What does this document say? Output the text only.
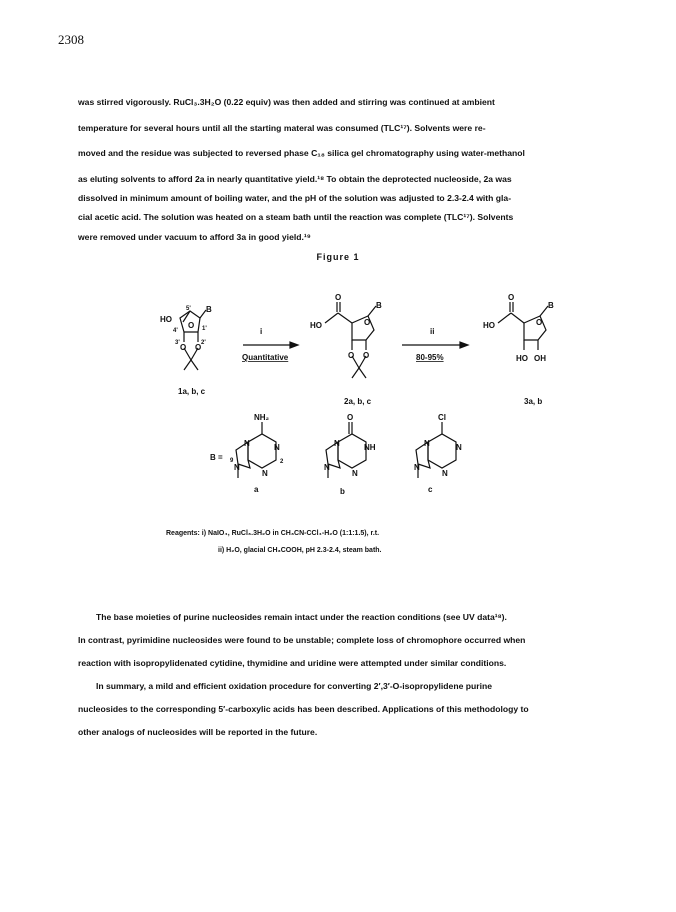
2308
was stirred vigorously. RuCl₃.3H₂O (0.22 equiv) was then added and stirring was continued at ambient
temperature for several hours until all the starting materal was consumed (TLC¹⁷). Solvents were re-
moved and the residue was subjected to reversed phase C₁₈ silica gel chromatography using water-methanol
as eluting solvents to afford 2a in nearly quantitative yield.¹⁸ To obtain the deprotected nucleoside, 2a was
dissolved in minimum amount of boiling water, and the pH of the solution was adjusted to 2.3-2.4 with gla-
cial acetic acid. The solution was heated on a steam bath until the reaction was complete (TLC¹⁷). Solvents
were removed under vacuum to afford 3a in good yield.¹⁹
Figure 1
HO
5'
4'	1'
3'	2'
O
B
O O
1a, b, c
i
Quantitative
ii
80-95%
O
HO	O
B
O O
2a, b, c
O
HO	O
B
HO OH
3a, b
B = 9
NH₂
N	N
2
N
N
a
O
N	NH
N
N
b
Cl
N	N
N
N
c
Reagents: i) NaIO₄, RuCl₃.3H₂O in CH₃CN-CCl₄-H₂O (1:1:1.5), r.t.
ii) H₂O, glacial CH₃COOH, pH 2.3-2.4, steam bath.
The base moieties of purine nucleosides remain intact under the reaction conditions (see UV data¹⁸).
In contrast, pyrimidine nucleosides were found to be unstable; complete loss of chromophore occurred when
reaction with isopropylidenated cytidine, thymidine and uridine were attempted under similar conditions.
In summary, a mild and efficient oxidation procedure for converting 2′,3′-O-isopropylidene purine
nucleosides to the corresponding 5′-carboxylic acids has been described. Applications of this methodology to
other analogs of nucleosides will be reported in the future.
